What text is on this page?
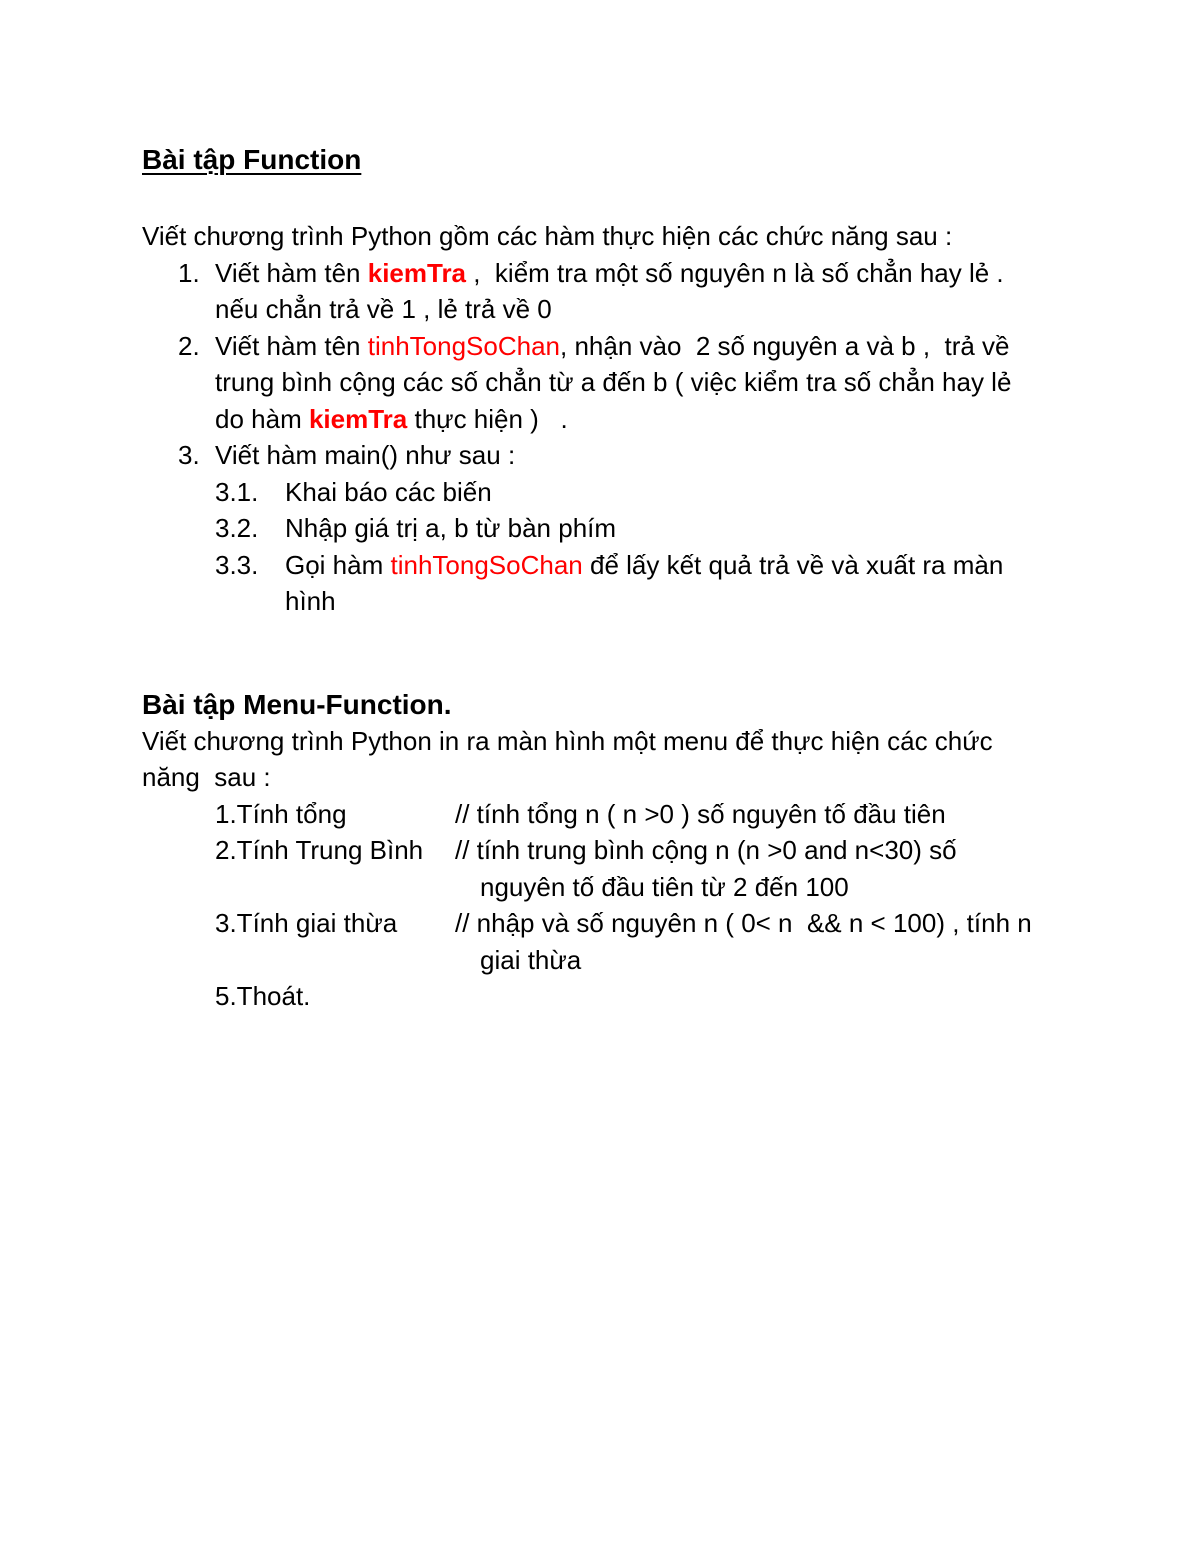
Bài tập Function
Viết chương trình Python gồm các hàm thực hiện các chức năng sau :
1. Viết hàm tên kiemTra ,  kiểm tra một số nguyên n là số chẳn hay lẻ .
nếu chẳn trả về 1 , lẻ trả về 0
2. Viết hàm tên tinhTongSoChan, nhận vào  2 số nguyên a và b ,  trả về
trung bình cộng các số chẳn từ a đến b ( việc kiểm tra số chẳn hay lẻ
do hàm kiemTra thực hiện )   .
3. Viết hàm main() như sau :
3.1.	Khai báo các biến
3.2.	Nhập giá trị a, b từ bàn phím
3.3.	Gọi hàm tinhTongSoChan để lấy kết quả trả về và xuất ra màn
hình
Bài tập Menu-Function.
Viết chương trình Python in ra màn hình một menu để thực hiện các chức
năng  sau :
1.Tính tổng	// tính tổng n ( n >0 ) số nguyên tố đầu tiên
2.Tính Trung Bình	// tính trung bình cộng n (n >0 and n<30) số
nguyên tố đầu tiên từ 2 đến 100
3.Tính giai thừa	// nhập và số nguyên n ( 0< n  && n < 100) , tính n
giai thừa
5.Thoát.
